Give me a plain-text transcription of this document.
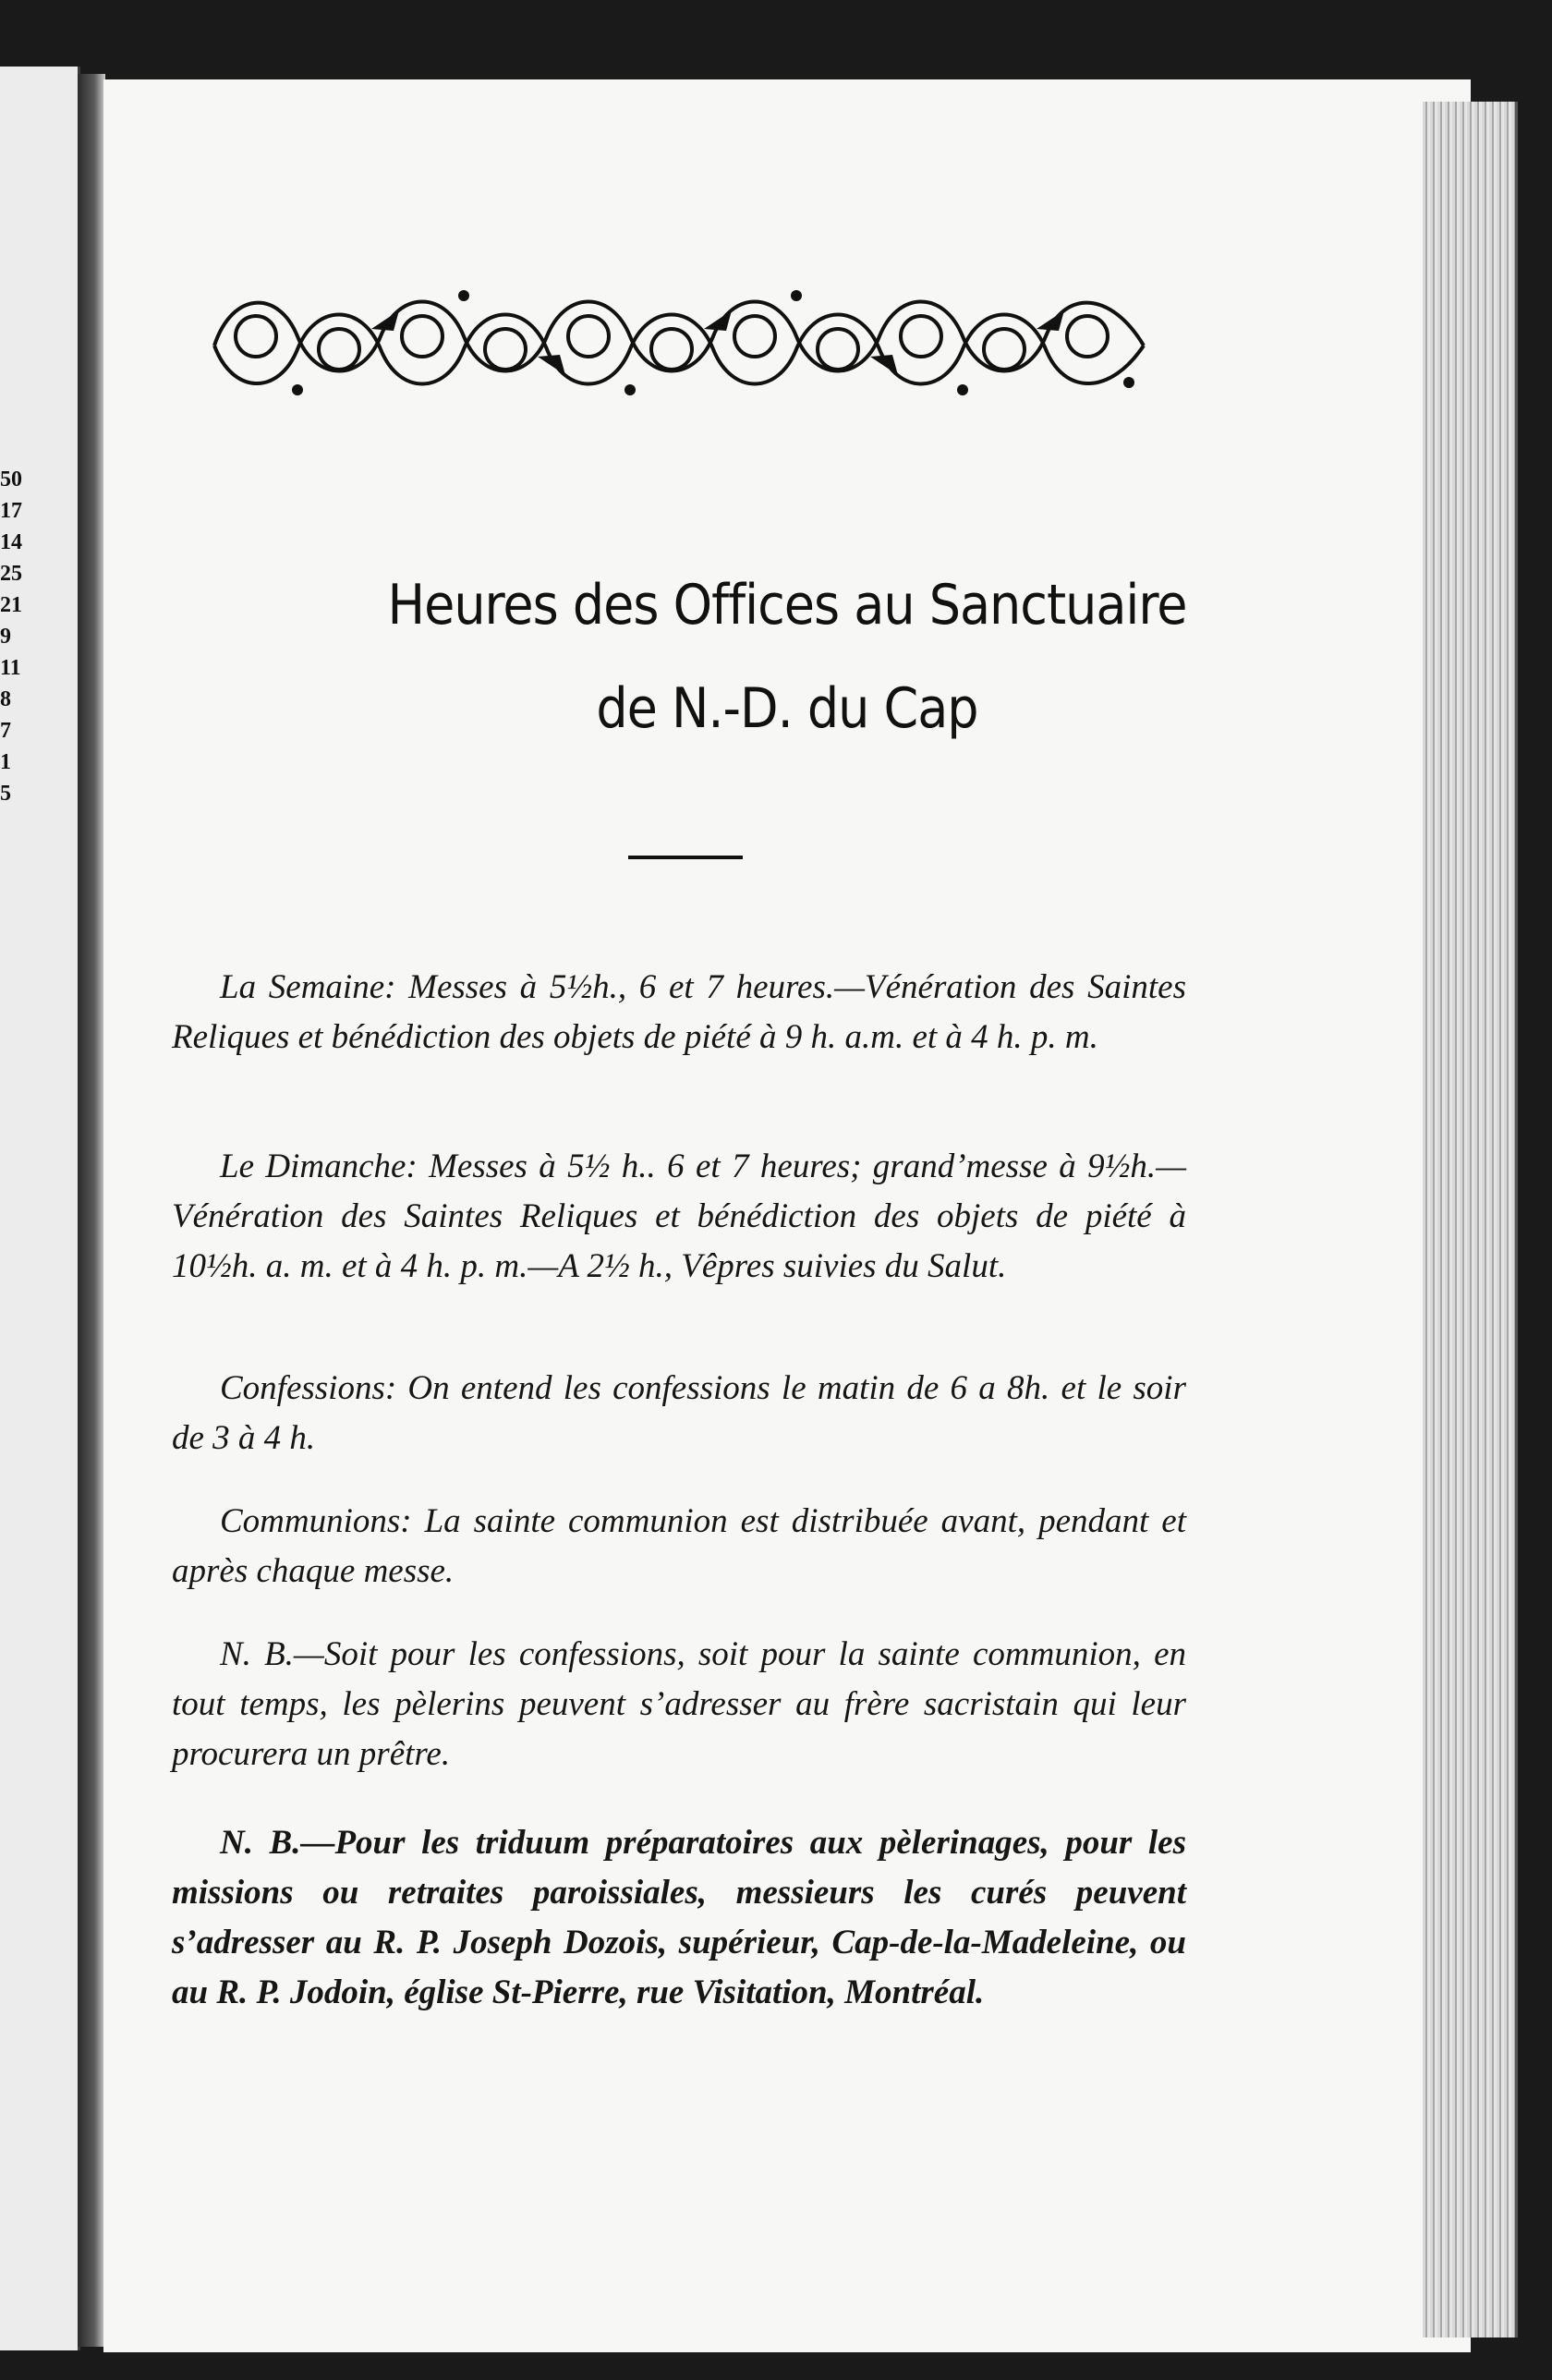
50
17
14
25
21
9
11
8
7
1
5
Heures des Offices au Sanctuaire
de N.-D. du Cap

La Semaine: Messes à 5½h., 6 et 7 heures.—Vénération des Saintes Reliques et bénédiction des objets de piété à 9 h. a.m. et à 4 h. p. m.

Le Dimanche: Messes à 5½ h.. 6 et 7 heures; grand’messe à 9½h.—Vénération des Saintes Reliques et bénédiction des objets de piété à 10½h. a. m. et à 4 h. p. m.—A 2½ h., Vêpres suivies du Salut.

Confessions: On entend les confessions le matin de 6 a 8h. et le soir de 3 à 4 h.

Communions: La sainte communion est distribuée avant, pendant et après chaque messe.

N. B.—Soit pour les confessions, soit pour la sainte communion, en tout temps, les pèlerins peuvent s’adresser au frère sacristain qui leur procurera un prêtre.

N. B.—Pour les triduum préparatoires aux pèlerinages, pour les missions ou retraites paroissiales, messieurs les curés peuvent s’adresser au R. P. Joseph Dozois, supérieur, Cap-de-la-Madeleine, ou au R. P. Jodoin, église St-Pierre, rue Visitation, Montréal.
